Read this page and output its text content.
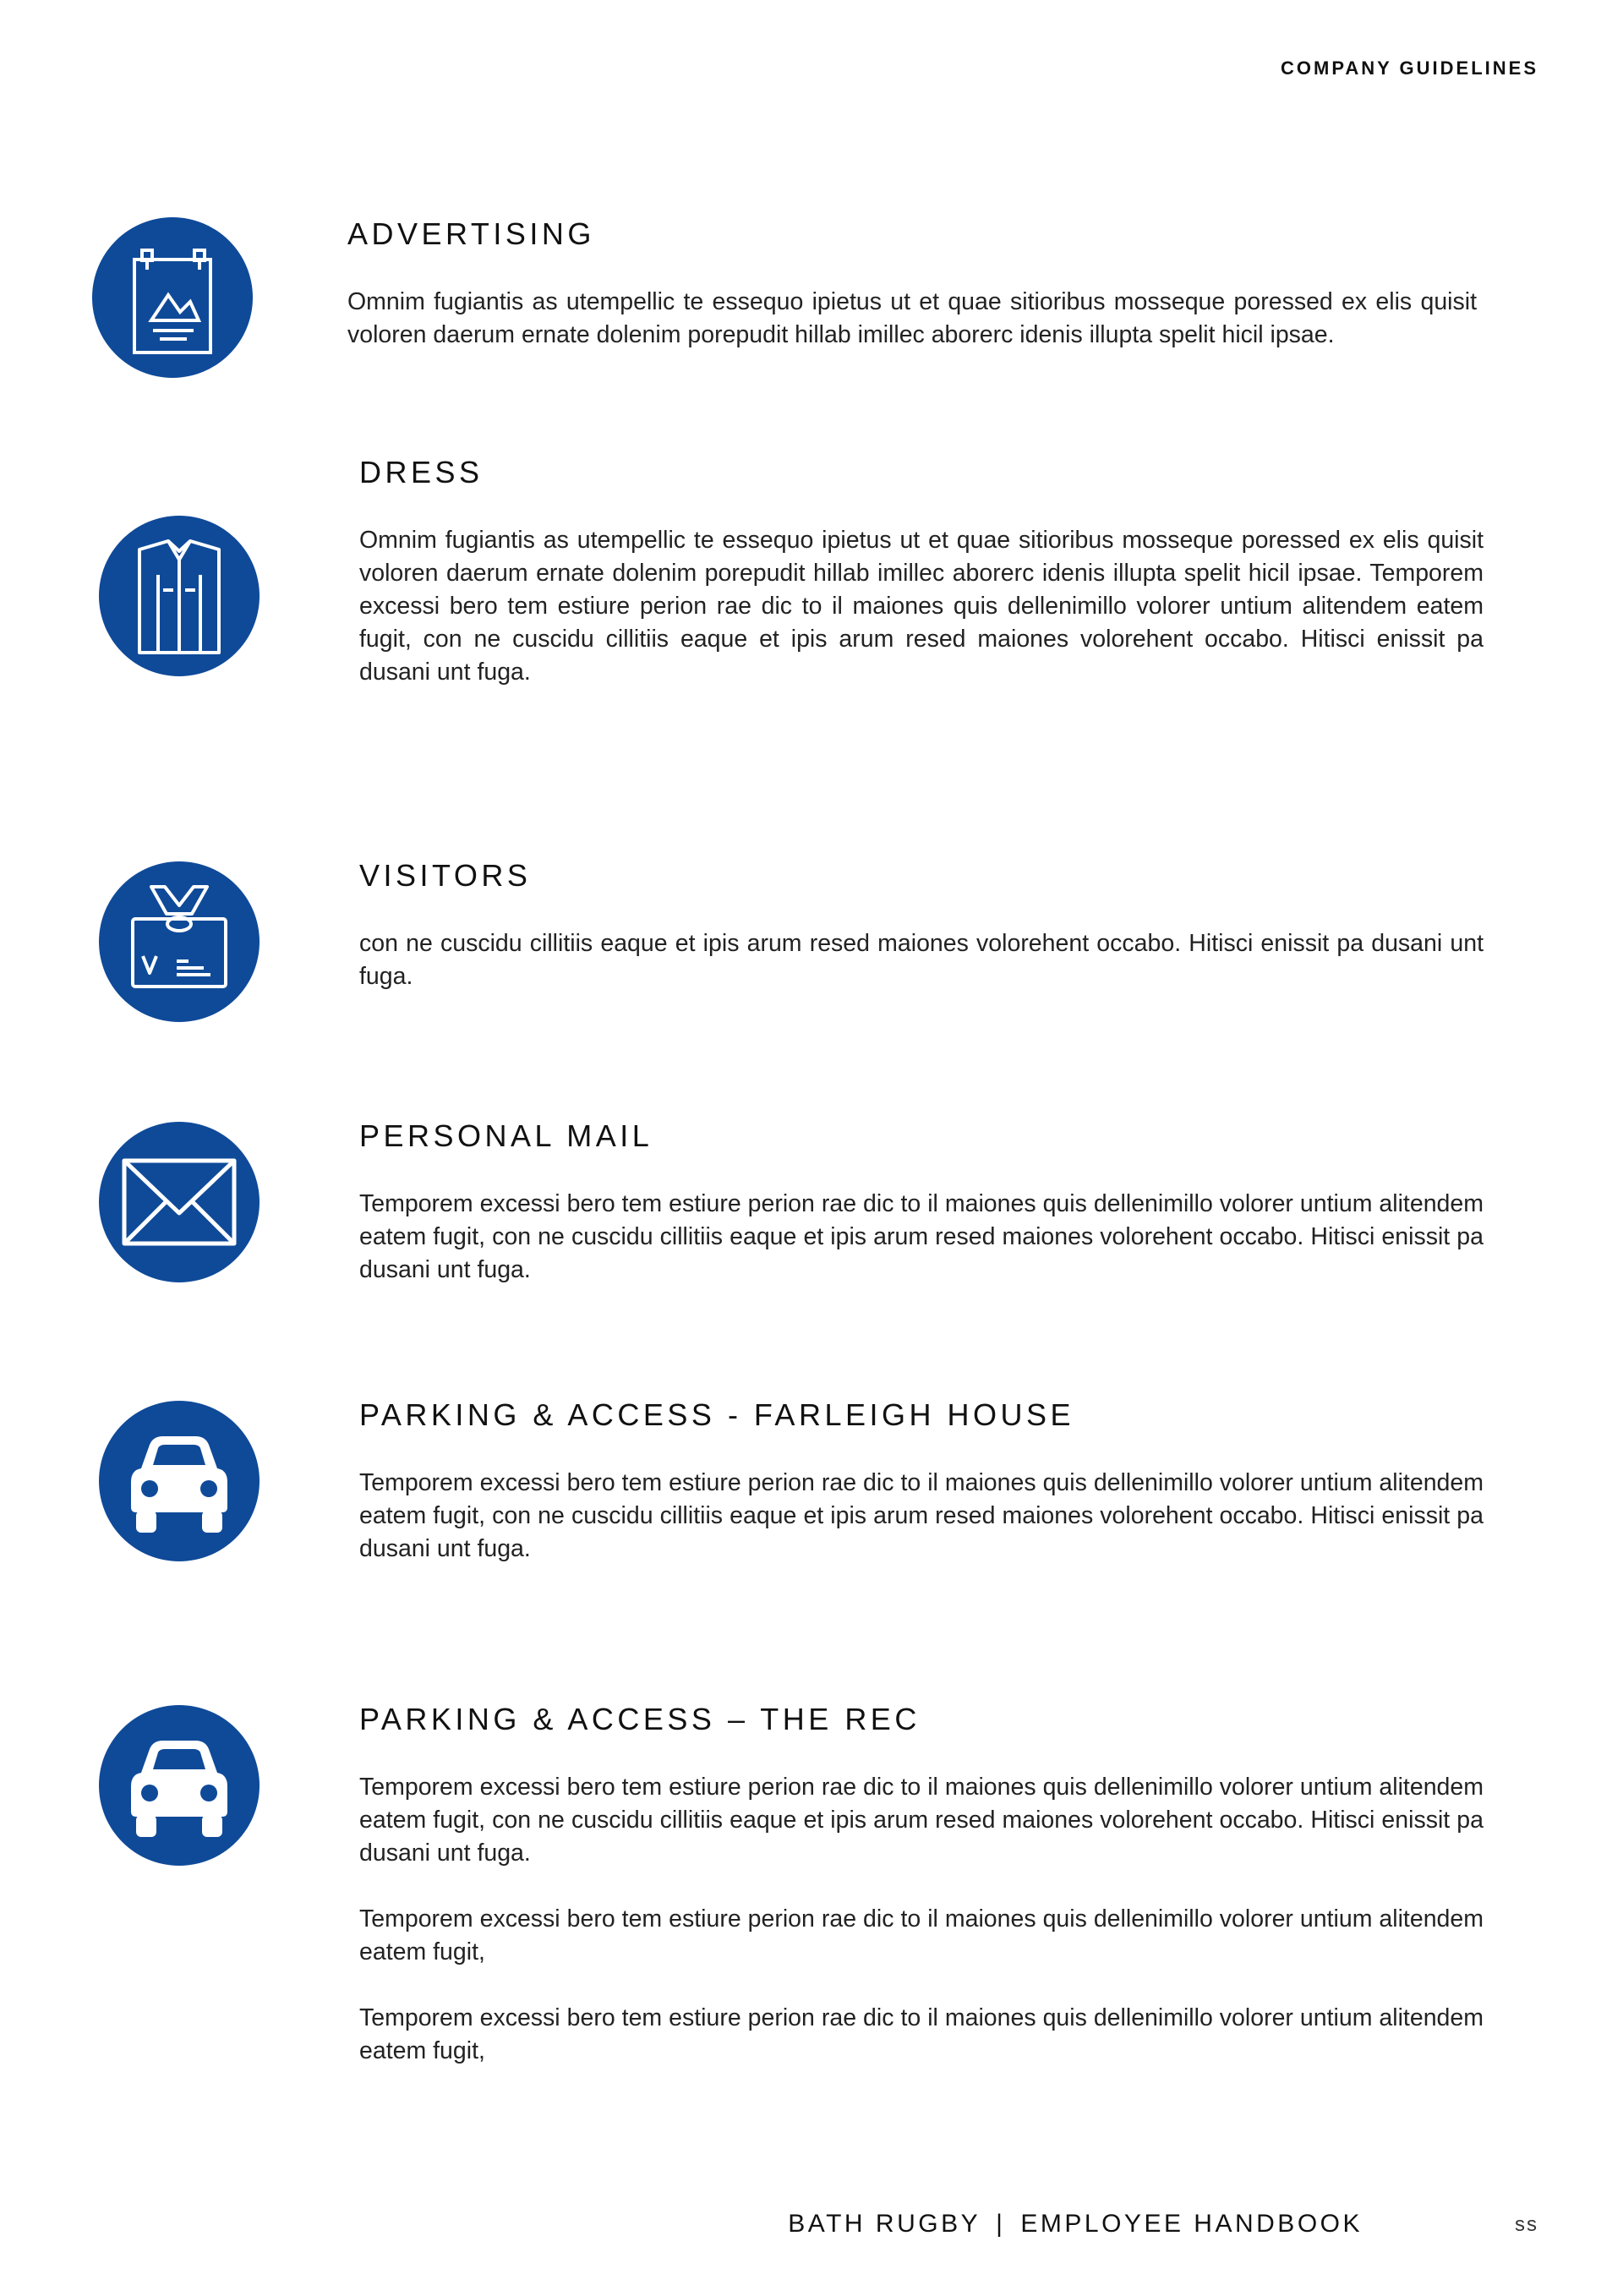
COMPANY GUIDELINES
ADVERTISING

Omnim fugiantis as utempellic te essequo ipietus ut et quae sitioribus mosseque poressed ex elis quisit voloren daerum ernate dolenim porepudit hillab imillec aborerc idenis illupta spelit hicil ipsae.

DRESS

Omnim fugiantis as utempellic te essequo ipietus ut et quae sitioribus mosseque poressed ex elis quisit voloren daerum ernate dolenim porepudit hillab imillec aborerc idenis illupta spelit hicil ipsae. Temporem excessi bero tem estiure perion rae dic to il maiones quis dellenimillo volorer untium alitendem eatem fugit, con ne cuscidu cillitiis eaque et ipis arum resed maiones volorehent occabo. Hitisci enissit pa dusani unt fuga.

VISITORS

con ne cuscidu cillitiis eaque et ipis arum resed maiones volorehent occabo. Hitisci enissit pa dusani unt fuga.

PERSONAL MAIL

Temporem excessi bero tem estiure perion rae dic to il maiones quis dellenimillo volorer untium alitendem eatem fugit, con ne cuscidu cillitiis eaque et ipis arum resed maiones volorehent occabo. Hitisci enissit pa dusani unt fuga.

PARKING & ACCESS - FARLEIGH HOUSE

Temporem excessi bero tem estiure perion rae dic to il maiones quis dellenimillo volorer untium alitendem eatem fugit, con ne cuscidu cillitiis eaque et ipis arum resed maiones volorehent occabo. Hitisci enissit pa dusani unt fuga.

PARKING & ACCESS – THE REC

Temporem excessi bero tem estiure perion rae dic to il maiones quis dellenimillo volorer untium alitendem eatem fugit, con ne cuscidu cillitiis eaque et ipis arum resed maiones volorehent occabo. Hitisci enissit pa dusani unt fuga.

Temporem excessi bero tem estiure perion rae dic to il maiones quis dellenimillo volorer untium alitendem eatem fugit,

Temporem excessi bero tem estiure perion rae dic to il maiones quis dellenimillo volorer untium alitendem eatem fugit,

BATH RUGBY | EMPLOYEE HANDBOOK	ss
